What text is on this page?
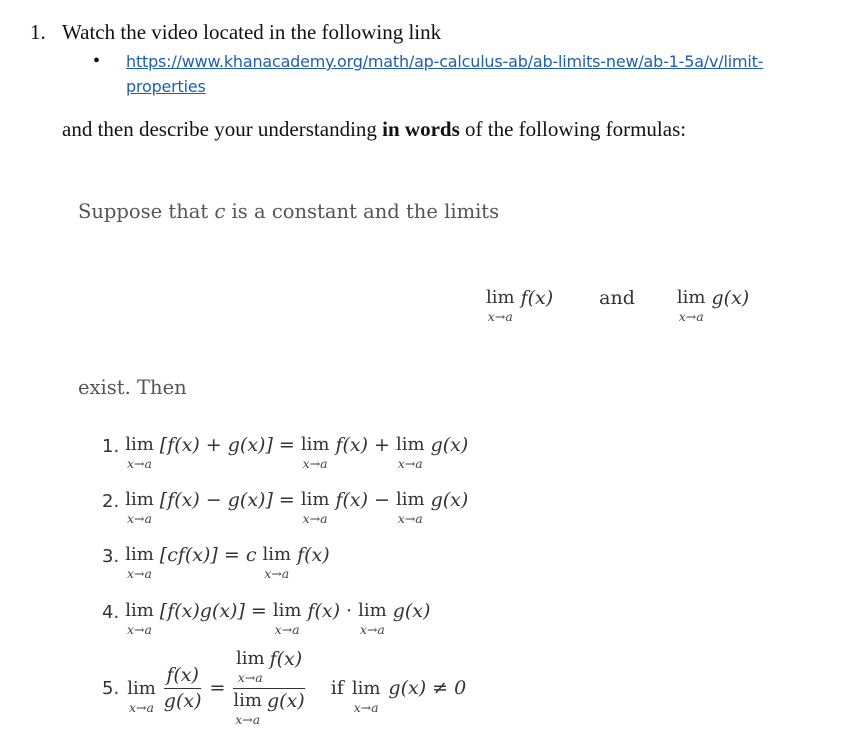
1. Watch the video located in the following link
• https://www.khanacademy.org/math/ap-calculus-ab/ab-limits-new/ab-1-5a/v/limit-
properties
and then describe your understanding in words of the following formulas:
Suppose that c is a constant and the limits
lim
x→a
f(x) and lim
x→a
g(x)
exist. Then
1. lim
x→a
[f(x) + g(x)] = lim
x→a
f(x) + lim
x→a
g(x)
2. lim
x→a
[f(x) − g(x)] = lim
x→a
f(x) − lim
x→a
g(x)
3. lim
x→a
[cf(x)] = c lim
x→a
f(x)
4. lim
x→a
[f(x)g(x)] = lim
x→a
f(x) · lim
x→a
g(x)
5. lim
$x\to a \frac{f(x)}{g(x)} = \lim$
x→a
f(x)
lim
x→a
g(x) if lim
x→a
g(x) ≠ 0
